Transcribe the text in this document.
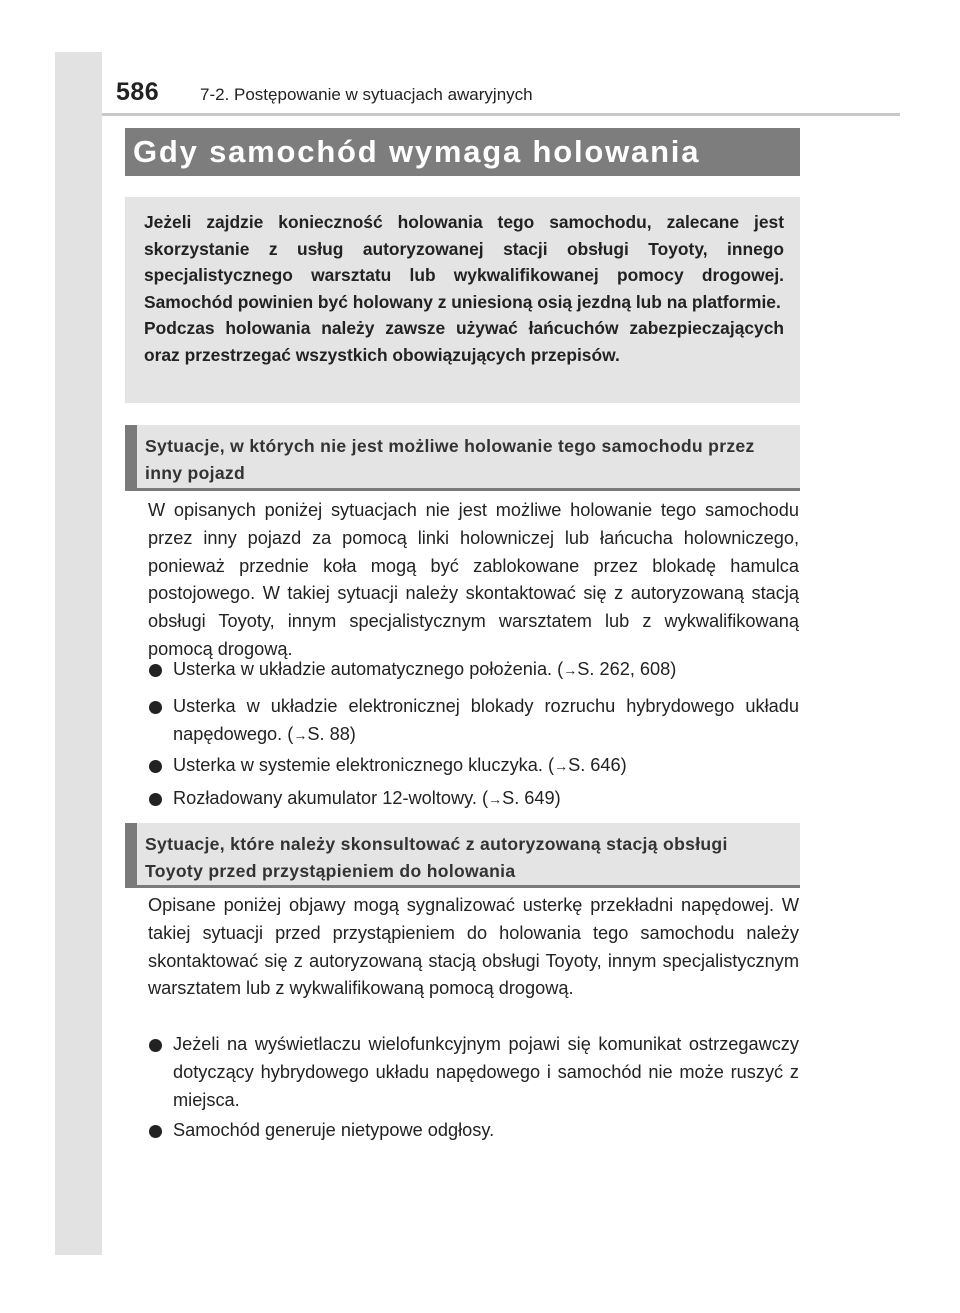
586 7-2. Postępowanie w sytuacjach awaryjnych
Gdy samochód wymaga holowania

Jeżeli zajdzie konieczność holowania tego samochodu, zalecane jest skorzystanie z usług autoryzowanej stacji obsługi Toyoty, innego specjalistycznego warsztatu lub wykwalifikowanej pomocy drogowej. Samochód powinien być holowany z uniesioną osią jezdną lub na platformie.

Podczas holowania należy zawsze używać łańcuchów zabezpieczających oraz przestrzegać wszystkich obowiązujących przepisów.

Sytuacje, w których nie jest możliwe holowanie tego samochodu przez inny pojazd
W opisanych poniżej sytuacjach nie jest możliwe holowanie tego samochodu przez inny pojazd za pomocą linki holowniczej lub łańcucha holowniczego, ponieważ przednie koła mogą być zablokowane przez blokadę hamulca postojowego. W takiej sytuacji należy skontaktować się z autoryzowaną stacją obsługi Toyoty, innym specjalistycznym warsztatem lub z wykwalifikowaną pomocą drogową.
Usterka w układzie automatycznego położenia. (→S. 262, 608)
Usterka w układzie elektronicznej blokady rozruchu hybrydowego układu napędowego. (→S. 88)
Usterka w systemie elektronicznego kluczyka. (→S. 646)
Rozładowany akumulator 12-woltowy. (→S. 649)
Sytuacje, które należy skonsultować z autoryzowaną stacją obsługi Toyoty przed przystąpieniem do holowania
Opisane poniżej objawy mogą sygnalizować usterkę przekładni napędowej. W takiej sytuacji przed przystąpieniem do holowania tego samochodu należy skontaktować się z autoryzowaną stacją obsługi Toyoty, innym specjalistycznym warsztatem lub z wykwalifikowaną pomocą drogową.
Jeżeli na wyświetlaczu wielofunkcyjnym pojawi się komunikat ostrzegawczy dotyczący hybrydowego układu napędowego i samochód nie może ruszyć z miejsca.
Samochód generuje nietypowe odgłosy.
